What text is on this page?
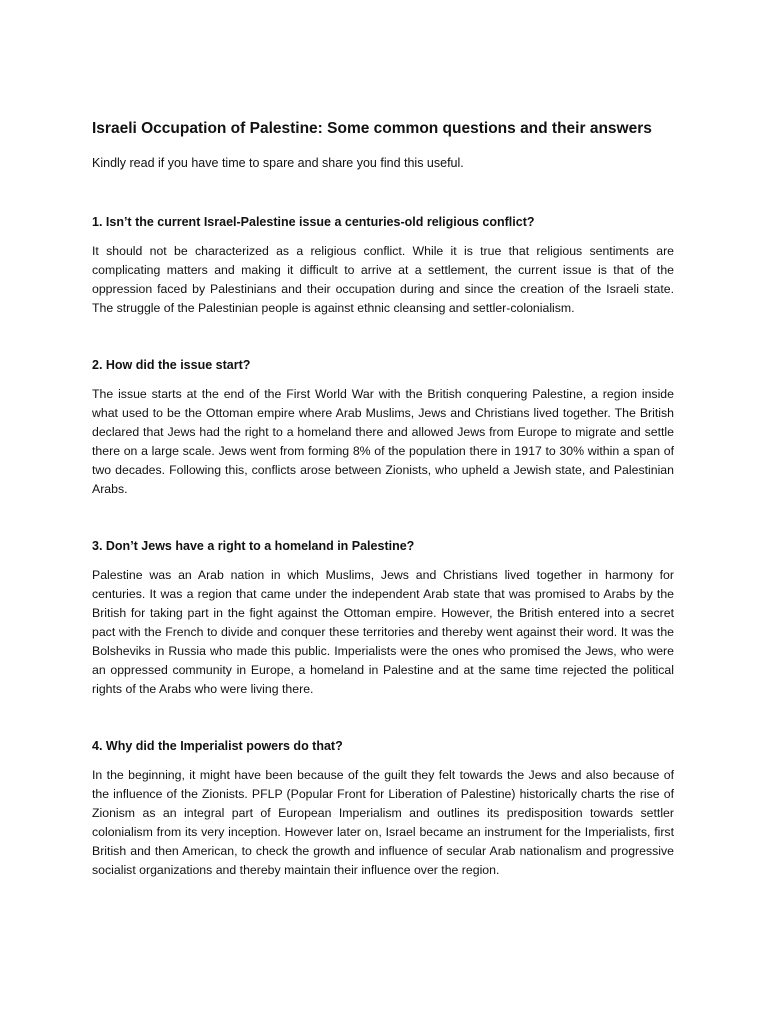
Israeli Occupation of Palestine: Some common questions and their answers
Kindly read if you have time to spare and share you find this useful.
1. Isn’t the current Israel-Palestine issue a centuries-old religious conflict?
It should not be characterized as a religious conflict. While it is true that religious sentiments are complicating matters and making it difficult to arrive at a settlement, the current issue is that of the oppression faced by Palestinians and their occupation during and since the creation of the Israeli state. The struggle of the Palestinian people is against ethnic cleansing and settler-colonialism.
2. How did the issue start?
The issue starts at the end of the First World War with the British conquering Palestine, a region inside what used to be the Ottoman empire where Arab Muslims, Jews and Christians lived together. The British declared that Jews had the right to a homeland there and allowed Jews from Europe to migrate and settle there on a large scale. Jews went from forming 8% of the population there in 1917 to 30% within a span of two decades. Following this, conflicts arose between Zionists, who upheld a Jewish state, and Palestinian Arabs.
3. Don’t Jews have a right to a homeland in Palestine?
Palestine was an Arab nation in which Muslims, Jews and Christians lived together in harmony for centuries. It was a region that came under the independent Arab state that was promised to Arabs by the British for taking part in the fight against the Ottoman empire. However, the British entered into a secret pact with the French to divide and conquer these territories and thereby went against their word. It was the Bolsheviks in Russia who made this public. Imperialists were the ones who promised the Jews, who were an oppressed community in Europe, a homeland in Palestine and at the same time rejected the political rights of the Arabs who were living there.
4. Why did the Imperialist powers do that?
In the beginning, it might have been because of the guilt they felt towards the Jews and also because of the influence of the Zionists. PFLP (Popular Front for Liberation of Palestine) historically charts the rise of Zionism as an integral part of European Imperialism and outlines its predisposition towards settler colonialism from its very inception. However later on, Israel became an instrument for the Imperialists, first British and then American, to check the growth and influence of secular Arab nationalism and progressive socialist organizations and thereby maintain their influence over the region.
